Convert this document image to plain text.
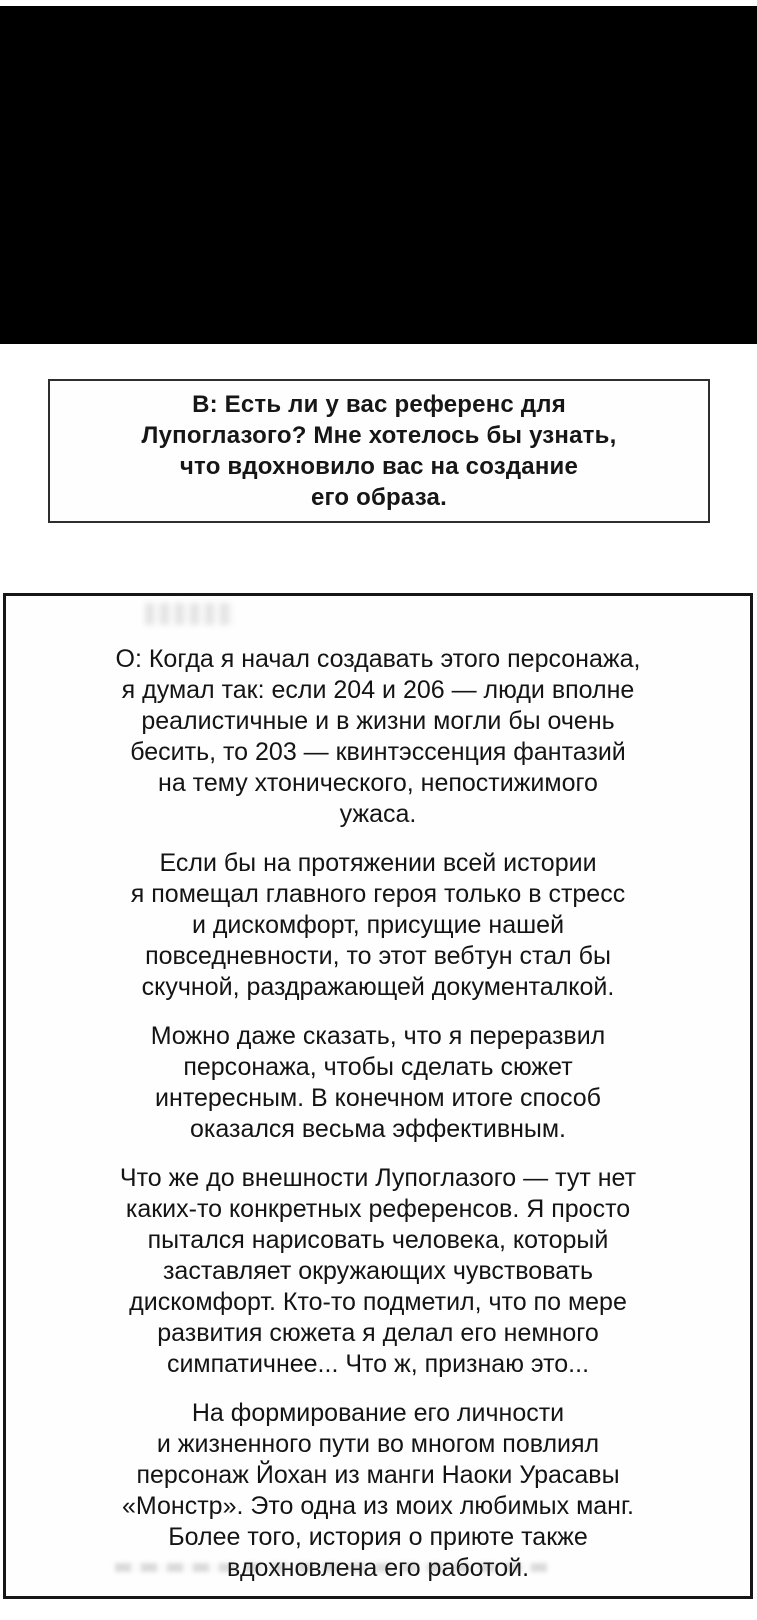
В: Есть ли у вас референс для
Лупоглазого? Мне хотелось бы узнать,
что вдохновило вас на создание
его образа.

О: Когда я начал создавать этого персонажа,
я думал так: если 204 и 206 — люди вполне
реалистичные и в жизни могли бы очень
бесить, то 203 — квинтэссенция фантазий
на тему хтонического, непостижимого
ужаса.

Если бы на протяжении всей истории
я помещал главного героя только в стресс
и дискомфорт, присущие нашей
повседневности, то этот вебтун стал бы
скучной, раздражающей документалкой.

Можно даже сказать, что я переразвил
персонажа, чтобы сделать сюжет
интересным. В конечном итоге способ
оказался весьма эффективным.

Что же до внешности Лупоглазого — тут нет
каких-то конкретных референсов. Я просто
пытался нарисовать человека, который
заставляет окружающих чувствовать
дискомфорт. Кто-то подметил, что по мере
развития сюжета я делал его немного
симпатичнее... Что ж, признаю это...

На формирование его личности
и жизненного пути во многом повлиял
персонаж Йохан из манги Наоки Урасавы
«Монстр». Это одна из моих любимых манг.
Более того, история о приюте также
вдохновлена его работой.
